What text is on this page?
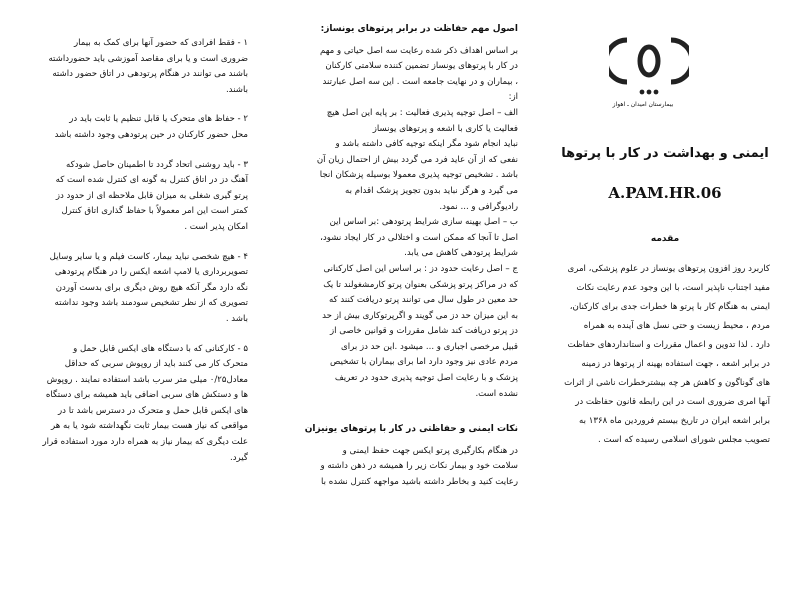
بیمارستان امیدان ـ اهواز
ایمنی و بهداشت در کار با پرتوها
A.PAM.HR.06
مقدمه
کاربرد روز افزون پرتوهای یونساز در علوم پزشکی، امری
مفید اجتناب ناپذیر است، با این وجود عدم رعایت نکات
ایمنی به هنگام کار با پرتو ها خطرات جدی برای کارکنان،
مردم ، محیط زیست و حتی نسل های آینده به همراه
دارد . لذا تدوین و اعمال مقررات و استانداردهای حفاظت
در برابر اشعه ، جهت استفاده بهینه از پرتوها در زمینه
های گوناگون و کاهش هر چه بیشترخطرات ناشی از اثرات
آنها امری ضروری است در این رابطه قانون حفاظت در
برابر اشعه ایران در تاریخ بیستم فروردین ماه ۱۳۶۸ به
تصویب مجلس شورای اسلامی رسیده که است .
اصول مهم حفاظت در برابر پرتوهای یونساز:

بر اساس اهداف ذکر شده رعایت سه اصل حیاتی و مهم
در کار با پرتوهای یونساز تضمین کننده سلامتی کارکنان
، بیماران و در نهایت جامعه است . این سه اصل عبارتند
از:

الف – اصل توجیه پذیری فعالیت : بر پایه این اصل هیچ
فعالیت یا کاری با اشعه و پرتوهای یونساز
نباید انجام شود مگر اینکه توجیه کافی داشته باشد و
نفعی که از آن عاید فرد می گردد بیش از احتمال زیان آن
باشد . تشخیص توجیه پذیری معمولا بوسیله پزشکان انجا
می گیرد و هرگز نباید بدون تجویز پزشک اقدام به
رادیوگرافی و ... نمود.

ب – اصل بهینه سازی شرایط پرتودهی :بر اساس این
اصل تا آنجا که ممکن است و اختلالی در کار ایجاد نشود،
شرایط پرتودهی کاهش می یابد.

ج – اصل رعایت حدود دز : بر اساس این اصل کارکنانی
که در مراکز پرتو پزشکی بعنوان پرتو کارمشغولند تا یک
حد معین در طول سال می توانند پرتو دریافت کنند که
به این میزان حد دز می گویند و اگرپرتوکاری بیش از حد
دز پرتو دریافت کند شامل مقررات و قوانین خاصی از
قبیل مرخصی اجباری و ... میشود .این حد دز برای
مردم عادی نیز وجود دارد اما برای بیماران با تشخیص
پزشک و با رعایت اصل توجیه پذیری حدود در تعریف
نشده است.

نکات ایمنی و حفاظتی در کار با پرتوهای یونیزان

در هنگام بکارگیری پرتو ایکس جهت حفظ ایمنی و
سلامت خود و بیمار نکات زیر را همیشه در ذهن داشته و
رعایت کنید و بخاطر داشته باشید مواجهه کنترل نشده با

۱ - فقط افرادی که حضور آنها برای کمک به بیمار
ضروری است و یا برای مقاصد آموزشی باید حضورداشته
باشند می توانند در هنگام پرتودهی در اتاق حضور داشته
باشند.

۲ - حفاظ های متحرک یا قابل تنظیم یا ثابت باید در
محل حضور کارکنان در حین پرتودهی وجود داشته باشد

۳ - باید روشنی اتحاد گردد تا اطمینان حاصل شودکه
آهنگ دز در اتاق کنترل به گونه ای کنترل شده است که
پرتو گیری شغلی به میزان قابل ملاحظه ای از حدود دز
کمتر است این امر معمولاً با حفاظ گذاری اتاق کنترل
امکان پذیر است .

۴ - هیچ شخصی نباید بیمار، کاست فیلم و یا سایر وسایل
تصویربرداری یا لامپ اشعه ایکس را در هنگام پرتودهی
نگه دارد مگر آنکه هیچ روش دیگری برای بدست آوردن
تصویری که از نظر تشخیص سودمند باشد وجود نداشته
باشد .

۵ - کارکنانی که با دستگاه های ایکس قابل حمل و
متحرک کار می کنند باید از روپوش سربی که حداقل
معادل۰/۲۵ میلی متر سرب باشد استفاده نمایند . روپوش
ها و دستکش های سربی اضافی باید همیشه برای دستگاه
های ایکس قابل حمل و متحرک در دسترس باشد تا در
مواقعی که نیاز هست بیمار ثابت نگهداشته شود یا به هر
علت دیگری که بیمار نیاز به همراه دارد مورد استفاده قرار
گیرد.
